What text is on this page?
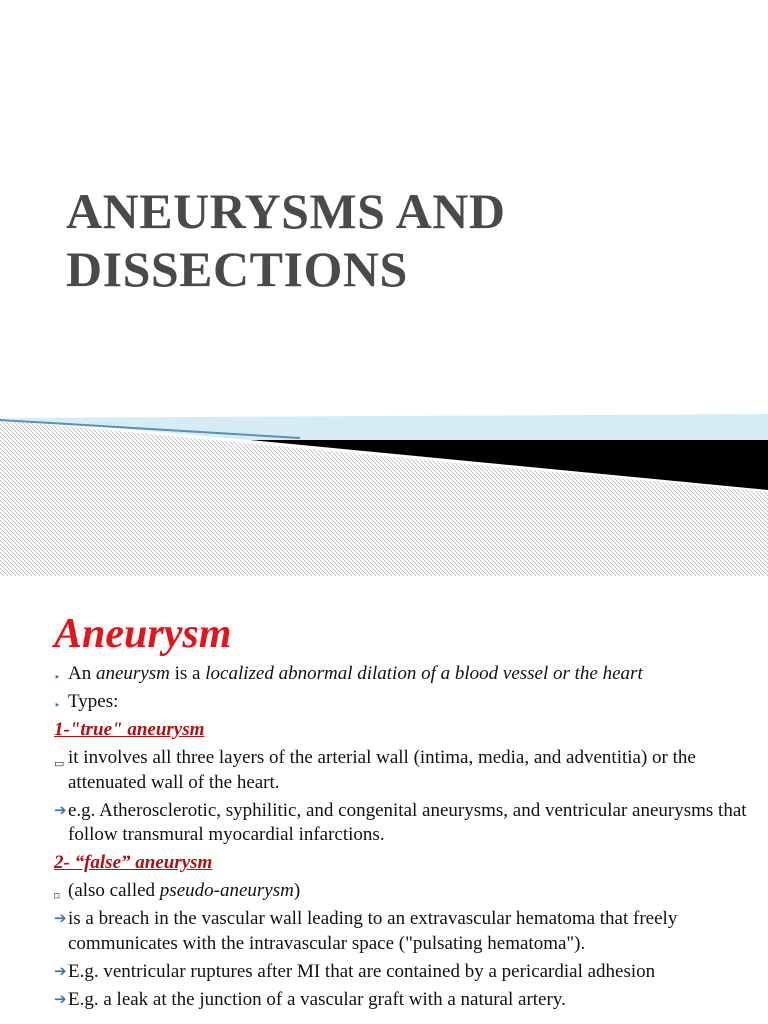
ANEURYSMS AND
DISSECTIONS
Aneurysm
‣ An aneurysm is a localized abnormal dilation of a blood vessel or the heart
‣ Types:
1-"true" aneurysm
▭ it involves all three layers of the arterial wall (intima, media, and adventitia) or the attenuated wall of the heart.
➔ e.g. Atherosclerotic, syphilitic, and congenital aneurysms, and ventricular aneurysms that follow transmural myocardial infarctions.
2- “false” aneurysm
⌑ (also called pseudo-aneurysm)
➔ is a breach in the vascular wall leading to an extravascular hematoma that freely communicates with the intravascular space ("pulsating hematoma").
➔ E.g. ventricular ruptures after MI that are contained by a pericardial adhesion
➔ E.g. a leak at the junction of a vascular graft with a natural artery.
